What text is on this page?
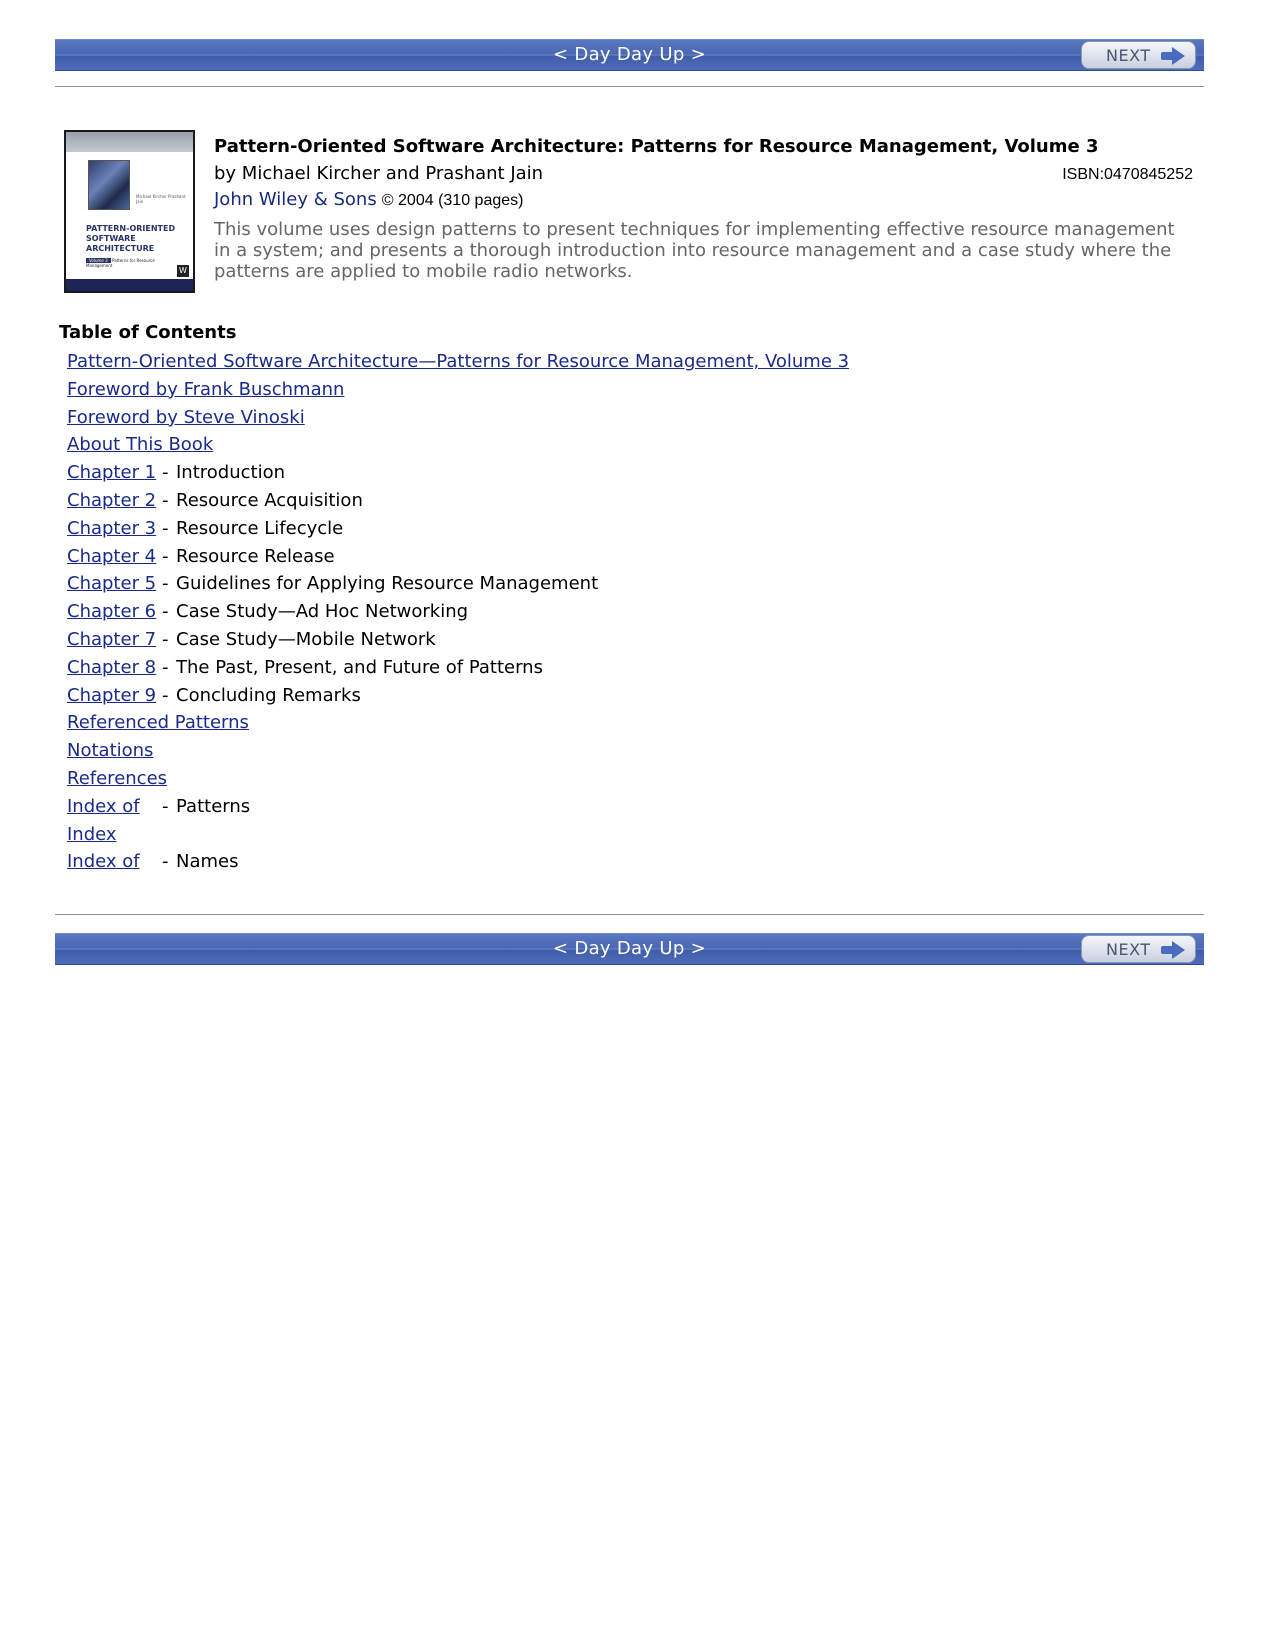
< Day Day Up >	NEXT
Michael Kircher Prashant Jain
PATTERN-ORIENTED
SOFTWARE
ARCHITECTURE
Volume 3 Patterns for Resource Management
W
Pattern-Oriented Software Architecture: Patterns for Resource Management, Volume 3
by Michael Kircher and Prashant Jain	ISBN:0470845252
John Wiley & Sons © 2004 (310 pages)
This volume uses design patterns to present techniques for implementing effective resource management in a system; and presents a thorough introduction into resource management and a case study where the patterns are applied to mobile radio networks.
Table of Contents
Pattern-Oriented Software Architecture—Patterns for Resource Management, Volume 3
Foreword by Frank Buschmann
Foreword by Steve Vinoski
About This Book
Chapter 1 - Introduction
Chapter 2 - Resource Acquisition
Chapter 3 - Resource Lifecycle
Chapter 4 - Resource Release
Chapter 5 - Guidelines for Applying Resource Management
Chapter 6 - Case Study—Ad Hoc Networking
Chapter 7 - Case Study—Mobile Network
Chapter 8 - The Past, Present, and Future of Patterns
Chapter 9 - Concluding Remarks
Referenced Patterns
Notations
References
Index of - Patterns
Index
Index of - Names
< Day Day Up >	NEXT
